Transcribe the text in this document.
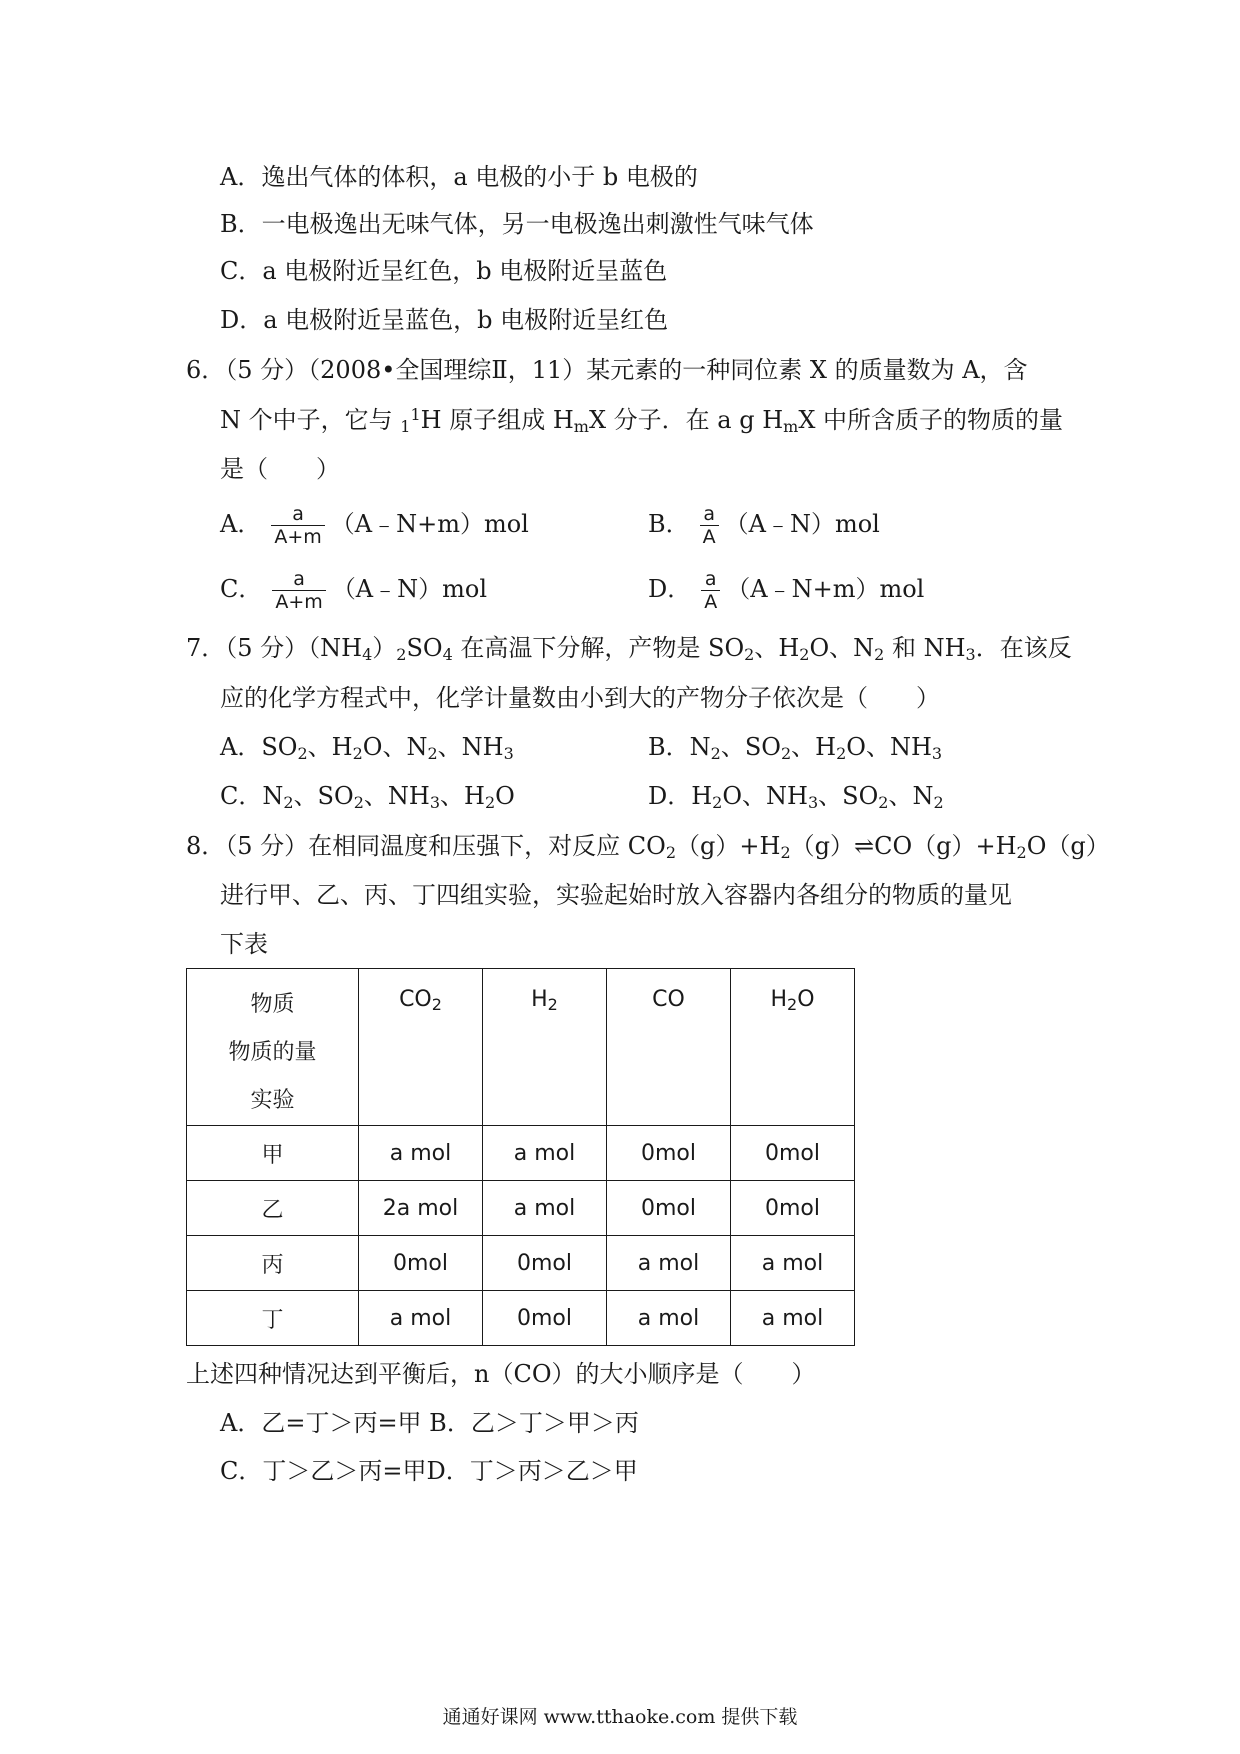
A．逸出气体的体积，a 电极的小于 b 电极的
B．一电极逸出无味气体，另一电极逸出刺激性气味气体
C．a 电极附近呈红色，b 电极附近呈蓝色
D．a 电极附近呈蓝色，b 电极附近呈红色
6．（5 分）（2008•全国理综Ⅱ，11）某元素的一种同位素 X 的质量数为 A，含
N 个中子，它与 $_1^1$H 原子组成 $H_mX$ 分子．在 a g $H_mX$ 中所含质子的物质的量
是（　　）
A． $\frac{a}{A+m}$ （A﹣N+m）mol	B． $\frac{a}{A}$ （A﹣N）mol
C． $\frac{a}{A+m}$ （A﹣N）mol	D． $\frac{a}{A}$ （A﹣N+m）mol
7．（5 分）$(NH_4)_2SO_4$ 在高温下分解，产物是 $SO_2$、$H_2O$、$N_2$ 和 $NH_3$．在该反
应的化学方程式中，化学计量数由小到大的产物分子依次是（　　）
A．$SO_2$、$H_2O$、$N_2$、$NH_3$	B．$N_2$、$SO_2$、$H_2O$、$NH_3$
C．$N_2$、$SO_2$、$NH_3$、$H_2O$	D．$H_2O$、$NH_3$、$SO_2$、$N_2$
8．（5 分）在相同温度和压强下，对反应 $CO_2(g)+H_2(g)\rightleftharpoons CO(g)+H_2O(g)$
进行甲、乙、丙、丁四组实验，实验起始时放入容器内各组分的物质的量见
下表
物质
物质的量
实验	$CO_2$	$H_2$	CO	$H_2O$

甲	a mol	a mol	0mol	0mol
乙	2a mol	a mol	0mol	0mol
丙	0mol	0mol	a mol	a mol
丁	a mol	0mol	a mol	a mol
上述四种情况达到平衡后，n（CO）的大小顺序是（　　）
A．乙=丁＞丙=甲 B．乙＞丁＞甲＞丙
C．丁＞乙＞丙=甲D．丁＞丙＞乙＞甲
通通好课网 www.tthaoke.com 提供下载
